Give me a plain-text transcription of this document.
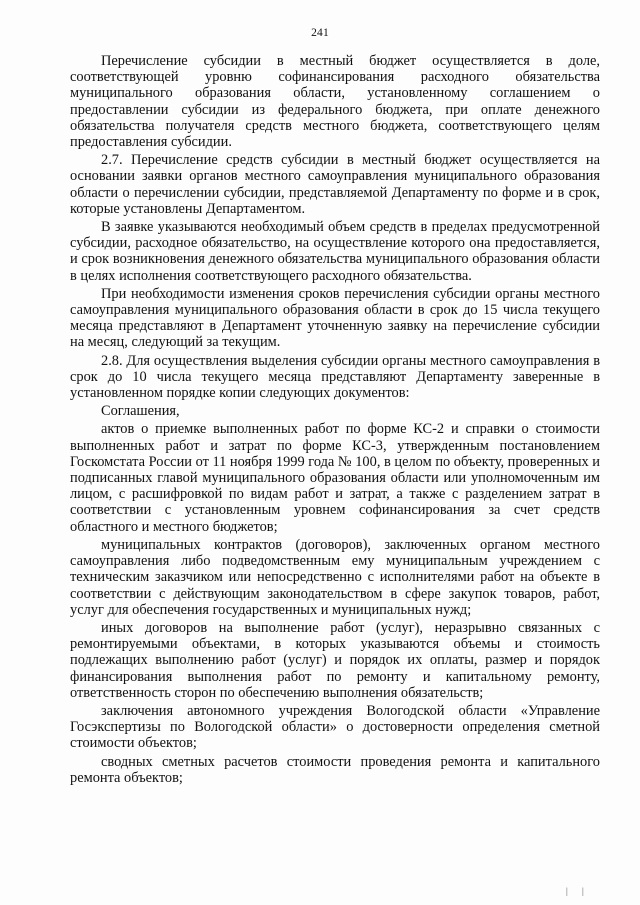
241

Перечисление субсидии в местный бюджет осуществляется в доле, соответствующей уровню софинансирования расходного обязательства муниципального образования области, установленному соглашением о предоставлении субсидии из федерального бюджета, при оплате денежного обязательства получателя средств местного бюджета, соответствующего целям предоставления субсидии.

2.7. Перечисление средств субсидии в местный бюджет осуществляется на основании заявки органов местного самоуправления муниципального образования области о перечислении субсидии, представляемой Департаменту по форме и в срок, которые установлены Департаментом.

В заявке указываются необходимый объем средств в пределах предусмотренной субсидии, расходное обязательство, на осуществление которого она предоставляется, и срок возникновения денежного обязательства муниципального образования области в целях исполнения соответствующего расходного обязательства.

При необходимости изменения сроков перечисления субсидии органы местного самоуправления муниципального образования области в срок до 15 числа текущего месяца представляют в Департамент уточненную заявку на перечисление субсидии на месяц, следующий за текущим.

2.8. Для осуществления выделения субсидии органы местного самоуправления в срок до 10 числа текущего месяца представляют Департаменту заверенные в установленном порядке копии следующих документов:

Соглашения,

актов о приемке выполненных работ по форме КС-2 и справки о стоимости выполненных работ и затрат по форме КС-3, утвержденным постановлением Госкомстата России от 11 ноября 1999 года № 100, в целом по объекту, проверенных и подписанных главой муниципального образования области или уполномоченным им лицом, с расшифровкой по видам работ и затрат, а также с разделением затрат в соответствии с установленным уровнем софинансирования за счет средств областного и местного бюджетов;

муниципальных контрактов (договоров), заключенных органом местного самоуправления либо подведомственным ему муниципальным учреждением с техническим заказчиком или непосредственно с исполнителями работ на объекте в соответствии с действующим законодательством в сфере закупок товаров, работ, услуг для обеспечения государственных и муниципальных нужд;

иных договоров на выполнение работ (услуг), неразрывно связанных с ремонтируемыми объектами, в которых указываются объемы и стоимость подлежащих выполнению работ (услуг) и порядок их оплаты, размер и порядок финансирования выполнения работ по ремонту и капитальному ремонту, ответственность сторон по обеспечению выполнения обязательств;

заключения автономного учреждения Вологодской области «Управление Госэкспертизы по Вологодской области» о достоверности определения сметной стоимости объектов;

сводных сметных расчетов стоимости проведения ремонта и капитального ремонта объектов;

| |
